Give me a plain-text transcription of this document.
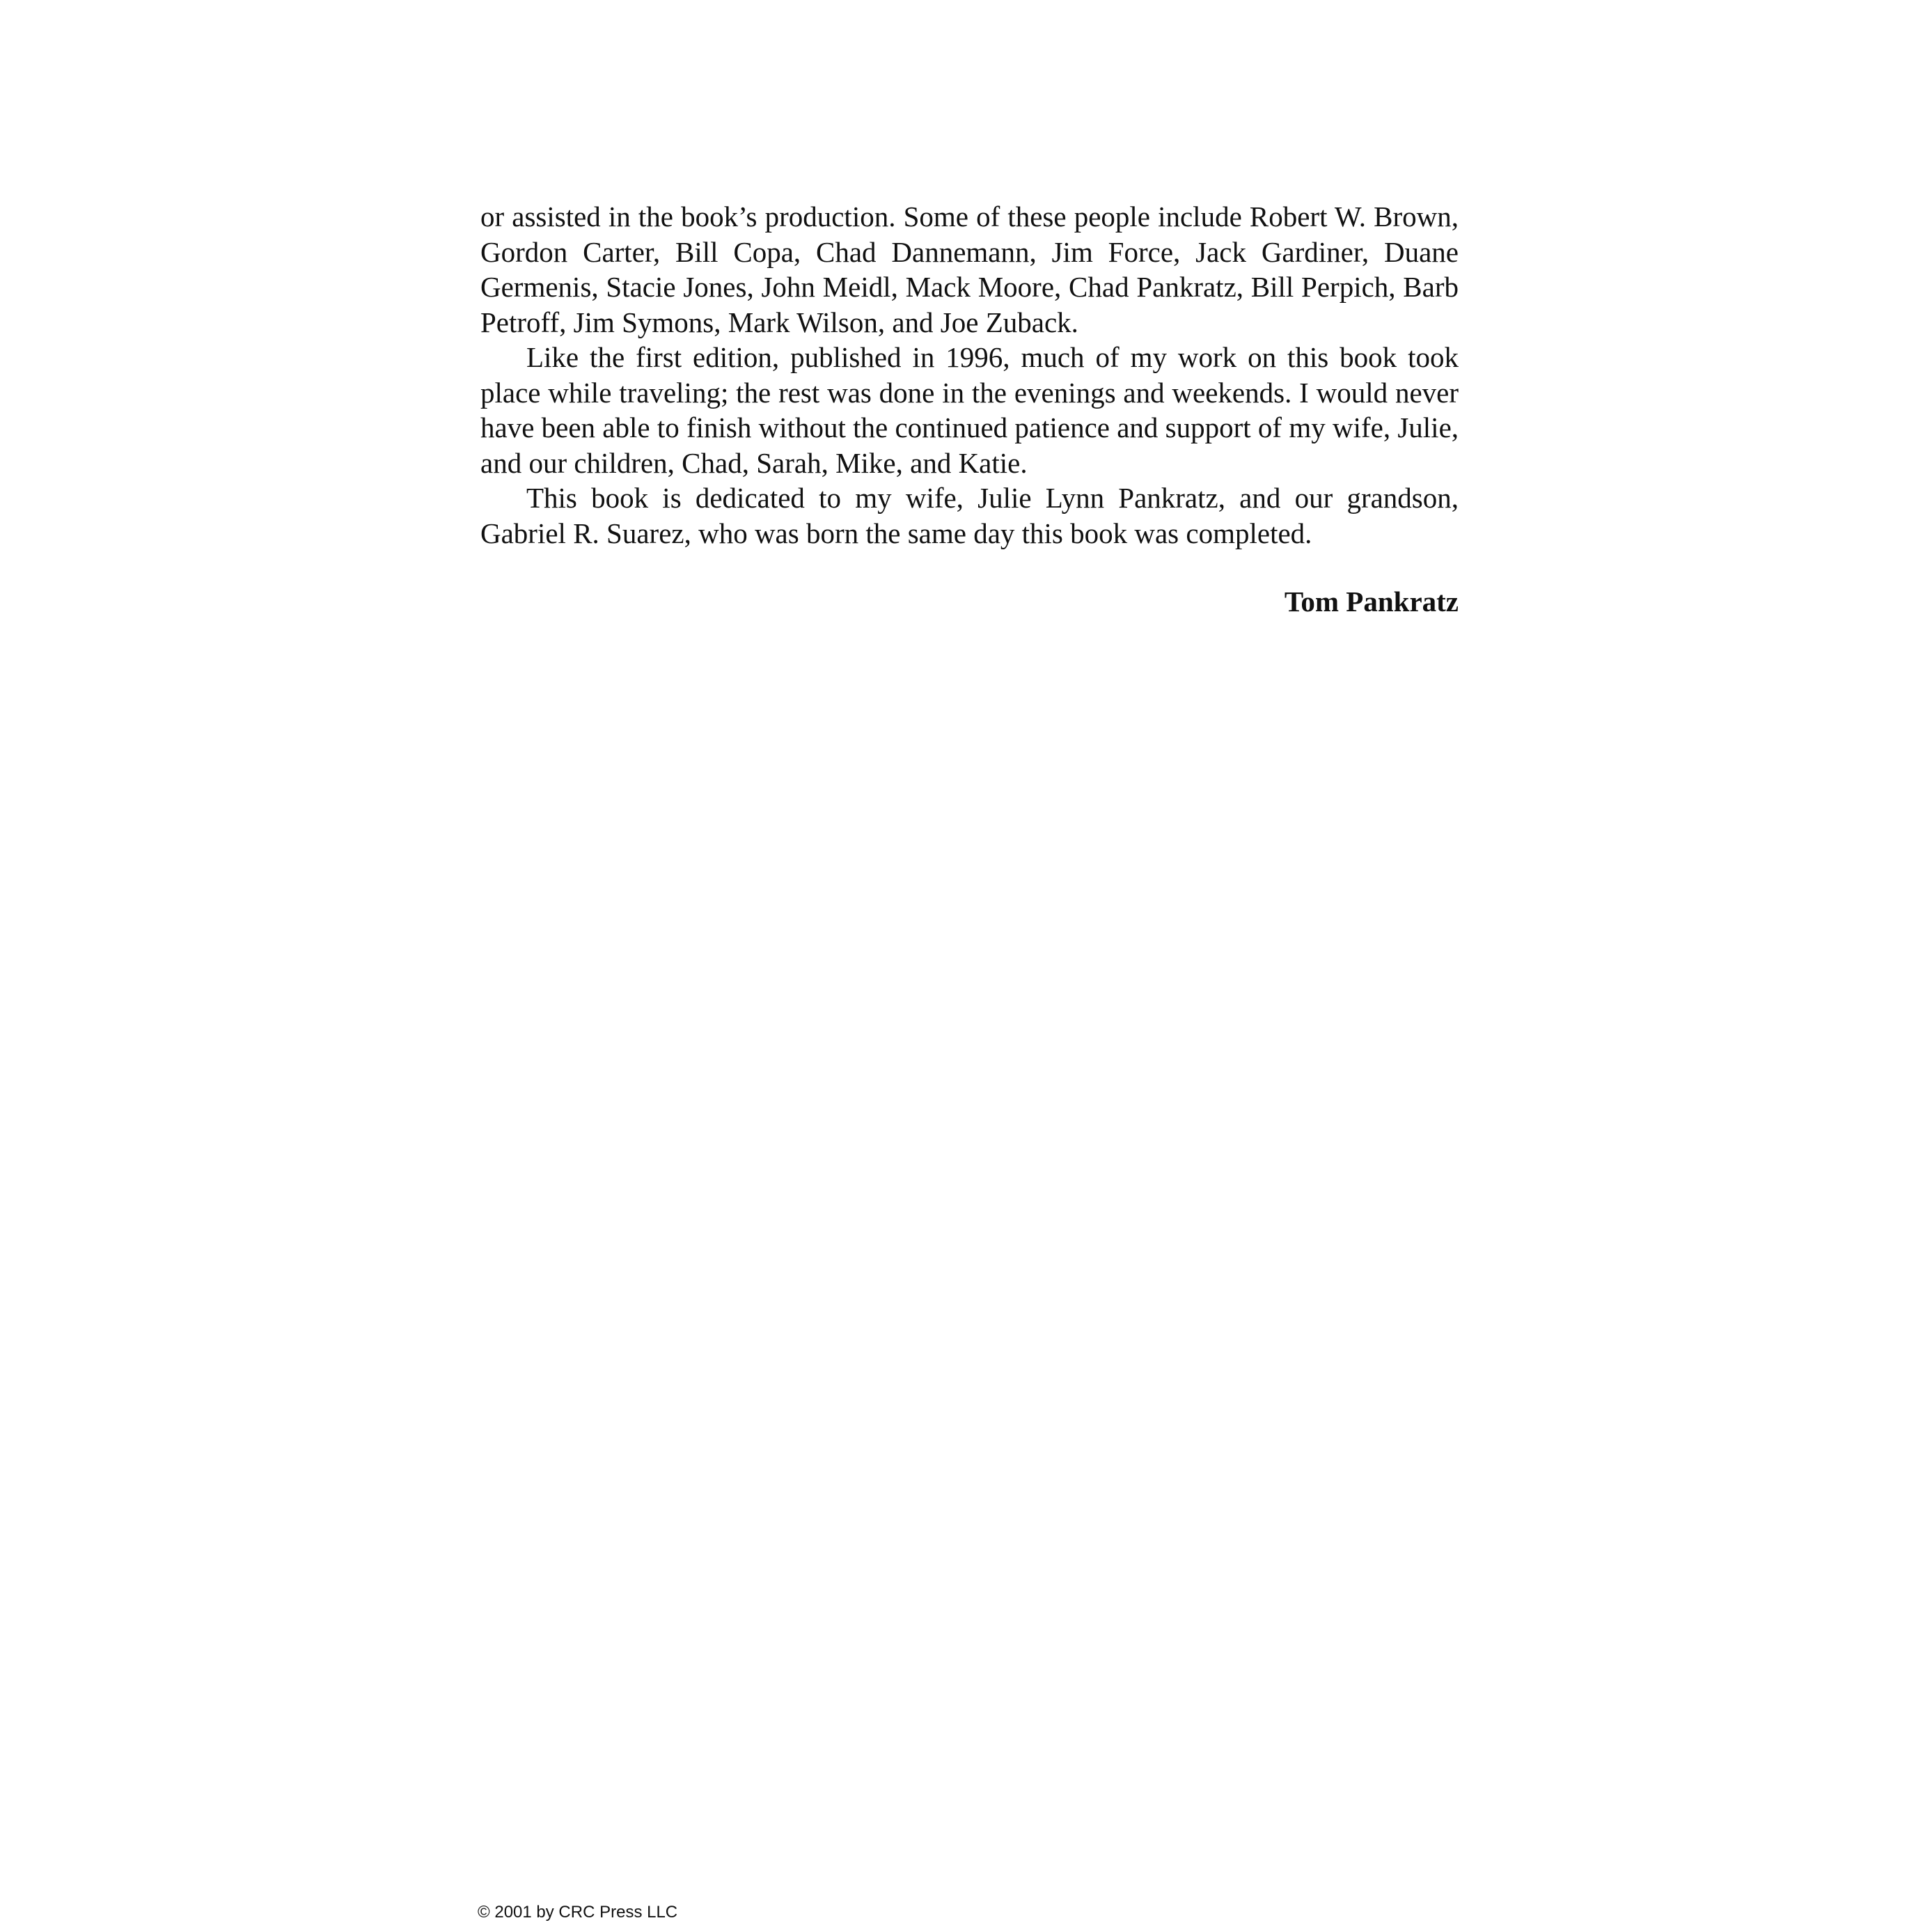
or assisted in the book’s production. Some of these people include Robert W. Brown, Gordon Carter, Bill Copa, Chad Dannemann, Jim Force, Jack Gardiner, Duane Germenis, Stacie Jones, John Meidl, Mack Moore, Chad Pankratz, Bill Perpich, Barb Petroff, Jim Symons, Mark Wilson, and Joe Zuback.

Like the first edition, published in 1996, much of my work on this book took place while traveling; the rest was done in the evenings and weekends. I would never have been able to finish without the continued patience and support of my wife, Julie, and our children, Chad, Sarah, Mike, and Katie.

This book is dedicated to my wife, Julie Lynn Pankratz, and our grandson, Gabriel R. Suarez, who was born the same day this book was completed.

Tom Pankratz

© 2001 by CRC Press LLC
